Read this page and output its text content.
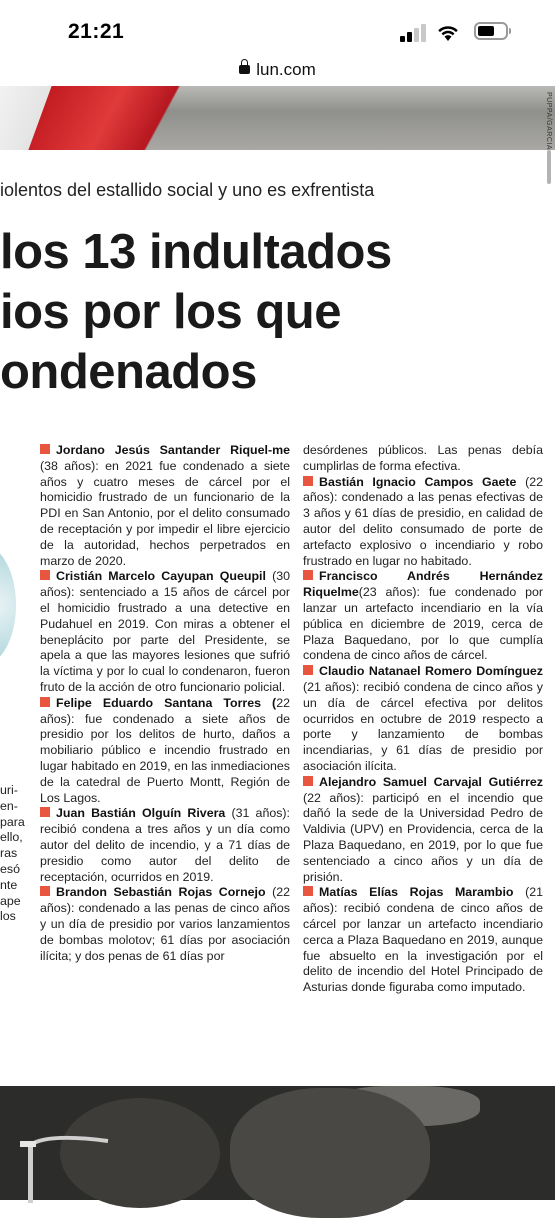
21:21
lun.com
PUPPA/GARCIA
iolentos del estallido social y uno es exfrentista
los 13 indultados
ios por los que
ondenados
uri-
en-
para
ello,
ras
esó
nte
ape
los

Jordano Jesús Santander Riquel-me (38 años): en 2021 fue condenado a siete años y cuatro meses de cárcel por el homicidio frustrado de un funcionario de la PDI en San Antonio, por el delito consumado de receptación y por impedir el libre ejercicio de la autoridad, hechos perpetrados en marzo de 2020.

Cristián Marcelo Cayupan Queupil (30 años): sentenciado a 15 años de cárcel por el homicidio frustrado a una detective en Pudahuel en 2019. Con miras a obtener el beneplácito por parte del Presidente, se apela a que las mayores lesiones que sufrió la víctima y por lo cual lo condenaron, fueron fruto de la acción de otro funcionario policial.

Felipe Eduardo Santana Torres (22 años): fue condenado a siete años de presidio por los delitos de hurto, daños a mobiliario público e incendio frustrado en lugar habitado en 2019, en las inmediaciones de la catedral de Puerto Montt, Región de Los Lagos.

Juan Bastián Olguín Rivera (31 años): recibió condena a tres años y un día como autor del delito de incendio, y a 71 días de presidio como autor del delito de receptación, ocurridos en 2019.

Brandon Sebastián Rojas Cornejo (22 años): condenado a las penas de cinco años y un día de presidio por varios lanzamientos de bombas molotov; 61 días por asociación ilícita; y dos penas de 61 días por

desórdenes públicos. Las penas debía cumplirlas de forma efectiva.

Bastián Ignacio Campos Gaete (22 años): condenado a las penas efectivas de 3 años y 61 días de presidio, en calidad de autor del delito consumado de porte de artefacto explosivo o incendiario y robo frustrado en lugar no habitado.

Francisco Andrés Hernández Riquelme(23 años): fue condenado por lanzar un artefacto incendiario en la vía pública en diciembre de 2019, cerca de Plaza Baquedano, por lo que cumplía condena de cinco años de cárcel.

Claudio Natanael Romero Domínguez (21 años): recibió condena de cinco años y un día de cárcel efectiva por delitos ocurridos en octubre de 2019 respecto a porte y lanzamiento de bombas incendiarias, y 61 días de presidio por asociación ilícita.

Alejandro Samuel Carvajal Gutiérrez (22 años): participó en el incendio que dañó la sede de la Universidad Pedro de Valdivia (UPV) en Providencia, cerca de la Plaza Baquedano, en 2019, por lo que fue sentenciado a cinco años y un día de prisión.

Matías Elías Rojas Marambio (21 años): recibió condena de cinco años de cárcel por lanzar un artefacto incendiario cerca a Plaza Baquedano en 2019, aunque fue absuelto en la investigación por el delito de incendio del Hotel Principado de Asturias donde figuraba como imputado.
